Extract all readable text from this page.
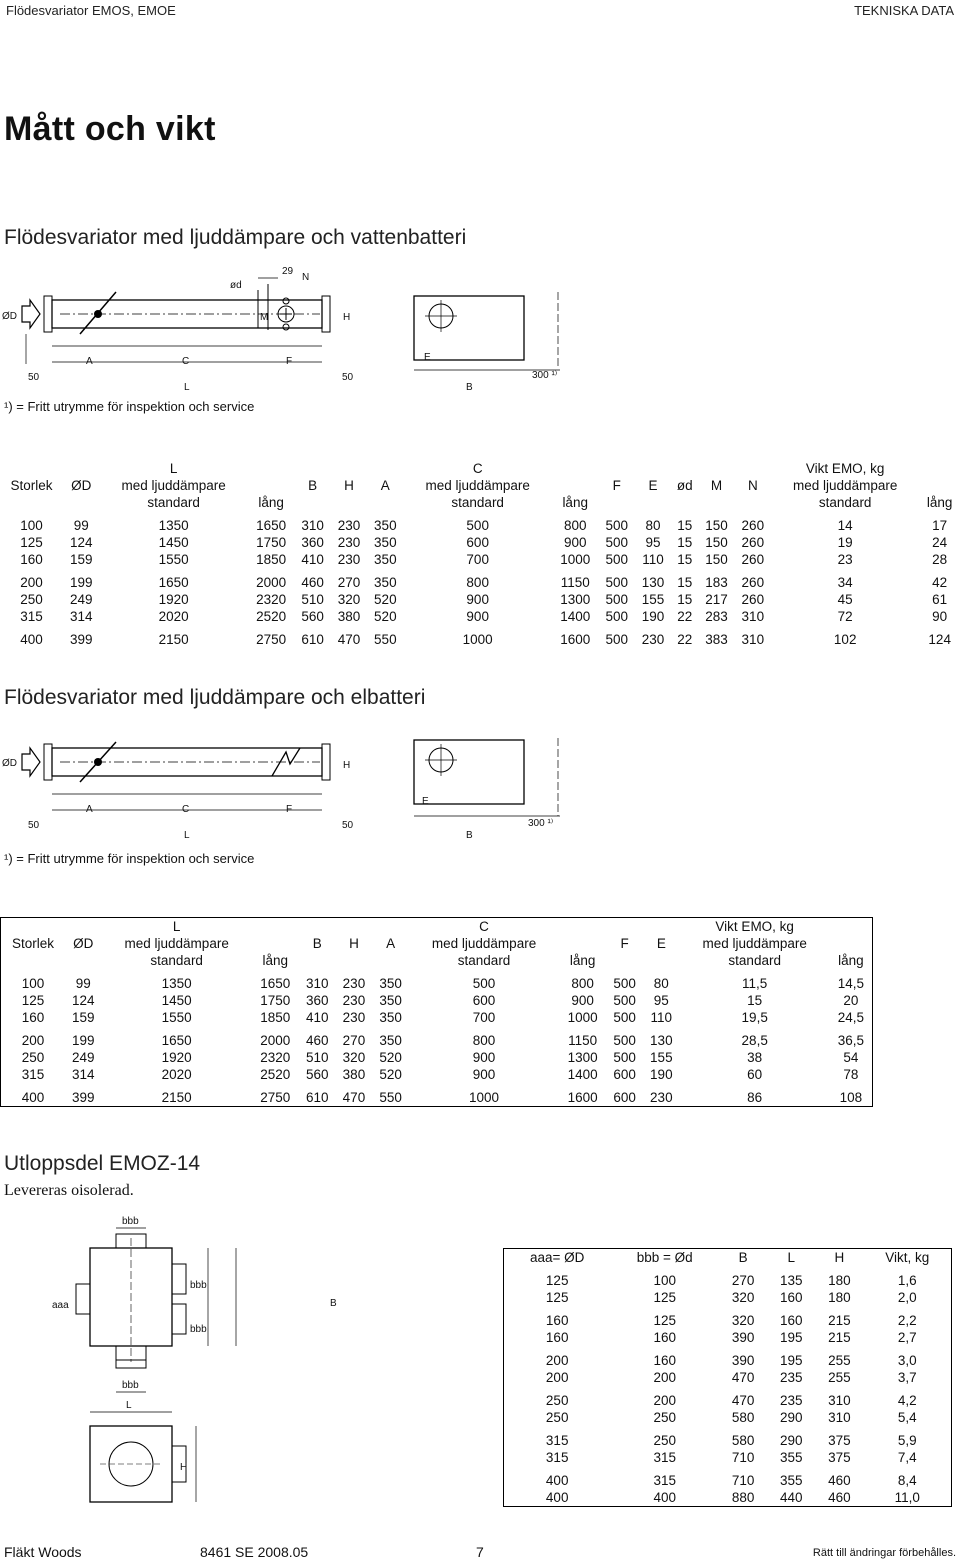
Flödesvariator EMOS, EMOE	TEKNISKA DATA
Mått och vikt
Flödesvariator med ljuddämpare och vattenbatteri
ØD
ød
29
N
M	H
A	C	F
50
L
50
E
B
300 ¹⁾
¹) = Fritt utrymme för inspektion och service
		L					C							Vikt EMO, kg	
Storlek	ØD	med ljuddämpare		B	H	A	med ljuddämpare		F	E	ød	M	N	med ljuddämpare	
		standard	lång				standard	lång						standard	lång

100	99	1350	1650	310	230	350	500	800	500	80	15	150	260	14	17
125	124	1450	1750	360	230	350	600	900	500	95	15	150	260	19	24
160	159	1550	1850	410	230	350	700	1000	500	110	15	150	260	23	28

200	199	1650	2000	460	270	350	800	1150	500	130	15	183	260	34	42
250	249	1920	2320	510	320	520	900	1300	500	155	15	217	260	45	61
315	314	2020	2520	560	380	520	900	1400	500	190	22	283	310	72	90

400	399	2150	2750	610	470	550	1000	1600	500	230	22	383	310	102	124
Flödesvariator med ljuddämpare och elbatteri
ØD	H
A	C	F
50
L
50
E
B
300 ¹⁾
¹) = Fritt utrymme för inspektion och service
		L					C				Vikt EMO, kg	
Storlek	ØD	med ljuddämpare		B	H	A	med ljuddämpare		F	E	med ljuddämpare	
		standard	lång				standard	lång			standard	lång

100	99	1350	1650	310	230	350	500	800	500	80	11,5	14,5
125	124	1450	1750	360	230	350	600	900	500	95	15	20
160	159	1550	1850	410	230	350	700	1000	500	110	19,5	24,5

200	199	1650	2000	460	270	350	800	1150	500	130	28,5	36,5
250	249	1920	2320	510	320	520	900	1300	500	155	38	54
315	314	2020	2520	560	380	520	900	1400	600	190	60	78

400	399	2150	2750	610	470	550	1000	1600	600	230	86	108
Utloppsdel EMOZ-14
Levereras oisolerad.
bbb
bbb
bbb
aaa	B
bbb
L
H
aaa= ØD	bbb = Ød	B	L	H	Vikt, kg

125	100	270	135	180	1,6
125	125	320	160	180	2,0

160	125	320	160	215	2,2
160	160	390	195	215	2,7

200	160	390	195	255	3,0
200	200	470	235	255	3,7

250	200	470	235	310	4,2
250	250	580	290	310	5,4

315	250	580	290	375	5,9
315	315	710	355	375	7,4

400	315	710	355	460	8,4
400	400	880	440	460	11,0
Fläkt Woods	8461 SE 2008.05	7	Rätt till ändringar förbehålles.
